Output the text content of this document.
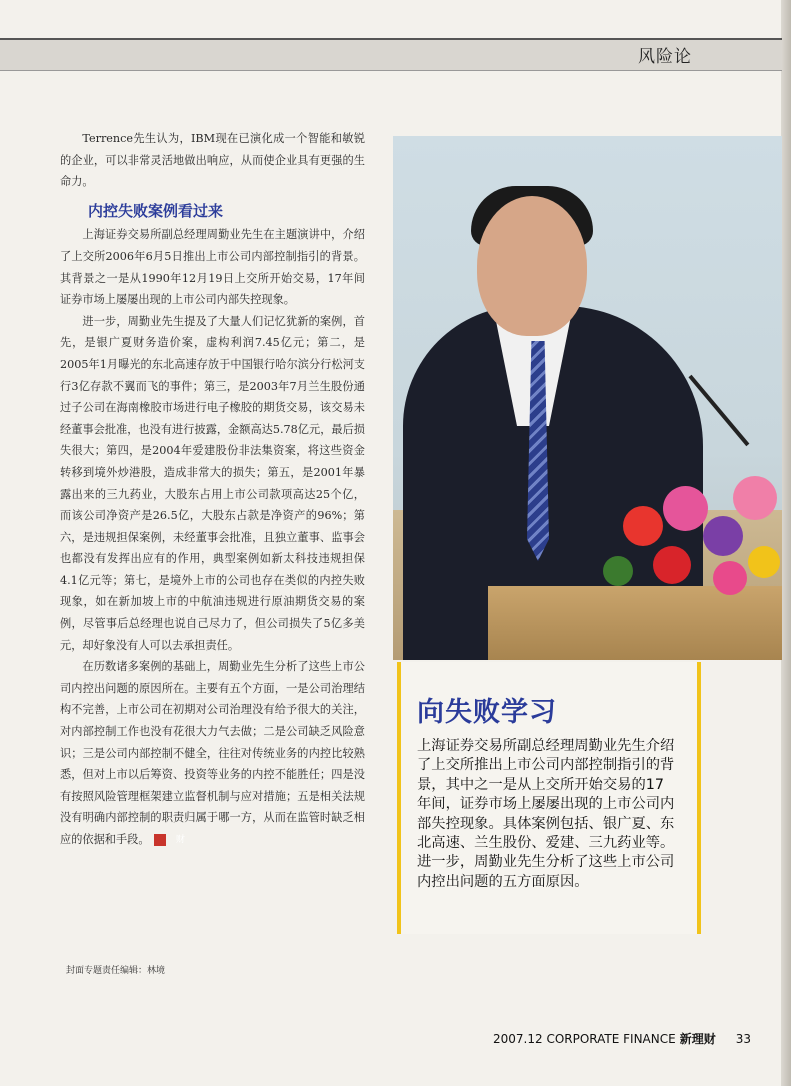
风险论

Terrence先生认为，IBM现在已演化成一个智能和敏锐的企业，可以非常灵活地做出响应，从而使企业具有更强的生命力。

内控失败案例看过来

上海证券交易所副总经理周勤业先生在主题演讲中，介绍了上交所2006年6月5日推出上市公司内部控制指引的背景。其背景之一是从1990年12月19日上交所开始交易，17年间证券市场上屡屡出现的上市公司内部失控现象。

进一步，周勤业先生提及了大量人们记忆犹新的案例，首先，是银广夏财务造价案，虚构利润7.45亿元；第二，是2005年1月曝光的东北高速存放于中国银行哈尔滨分行松河支行3亿存款不翼而飞的事件；第三，是2003年7月兰生股份通过子公司在海南橡胶市场进行电子橡胶的期货交易，该交易未经董事会批准，也没有进行披露，金额高达5.78亿元，最后损失很大；第四，是2004年爱建股份非法集资案，将这些资金转移到境外炒港股，造成非常大的损失；第五，是2001年暴露出来的三九药业，大股东占用上市公司款项高达25个亿，而该公司净资产是26.5亿，大股东占款是净资产的96%；第六，是违规担保案例，未经董事会批准，且独立董事、监事会也都没有发挥出应有的作用，典型案例如新太科技违规担保4.1亿元等；第七，是境外上市的公司也存在类似的内控失败现象，如在新加坡上市的中航油违规进行原油期货交易的案例，尽管事后总经理也说自己尽力了，但公司损失了5亿多美元，却好象没有人可以去承担责任。

在历数诸多案例的基础上，周勤业先生分析了这些上市公司内控出问题的原因所在。主要有五个方面，一是公司治理结构不完善，上市公司在初期对公司治理没有给予很大的关注，对内部控制工作也没有花很大力气去做；二是公司缺乏风险意识；三是公司内部控制不健全，往往对传统业务的内控比较熟悉，但对上市以后筹资、投资等业务的内控不能胜任；四是没有按照风险管理框架建立监督机制与应对措施；五是相关法规没有明确内部控制的职责归属于哪一方，从而在监管时缺乏相应的依据和手段。	财

向失败学习
上海证券交易所副总经理周勤业先生介绍了上交所推出上市公司内部控制指引的背景，其中之一是从上交所开始交易的17年间，证券市场上屡屡出现的上市公司内部失控现象。具体案例包括、银广夏、东北高速、兰生股份、爱建、三九药业等。进一步，周勤业先生分析了这些上市公司内控出问题的五方面原因。
封面专题责任编辑：林境
2007.12 CORPORATE FINANCE 新理财 33
